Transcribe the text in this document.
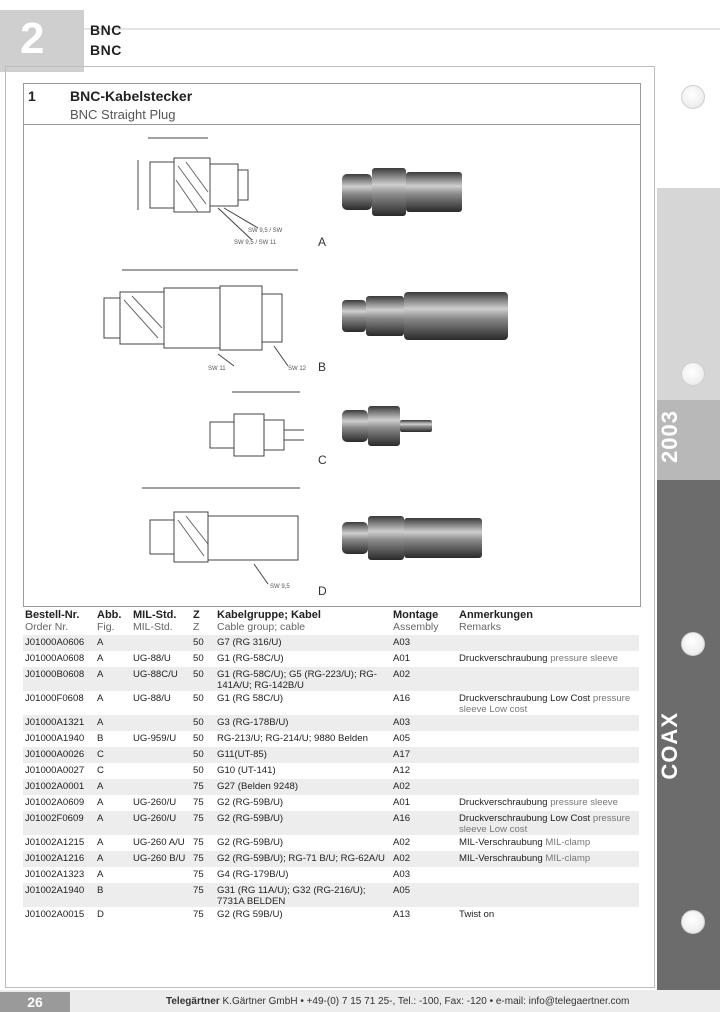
2	BNC
BNC
1 BNC-Kabelstecker
BNC Straight Plug
SW 9,5 / SW
SW 9,5 / SW 11	A
SW 11	SW 12 B
C
SW 9,5 D
2003
COAX
Bestell-Nr.	Abb.	MIL-Std.	Z	Kabelgruppe; Kabel	Montage	Anmerkungen
Order Nr.	Fig.	MIL-Std.	Z	Cable group; cable	Assembly	Remarks
J01000A0606	A		50	G7 (RG 316/U)	A03	
J01000A0608	A	UG-88/U	50	G1 (RG-58C/U)	A01	Druckverschraubung pressure sleeve
J01000B0608	A	UG-88C/U	50	G1 (RG-58C/U); G5 (RG-223/U); RG-141A/U; RG-142B/U	A02	
J01000F0608	A	UG-88/U	50	G1 (RG 58C/U)	A16	Druckverschraubung Low Cost pressure sleeve Low cost
J01000A1321	A		50	G3 (RG-178B/U)	A03	
J01000A1940	B	UG-959/U	50	RG-213/U; RG-214/U; 9880 Belden	A05	
J01000A0026	C		50	G11(UT-85)	A17	
J01000A0027	C		50	G10 (UT-141)	A12	
J01002A0001	A		75	G27 (Belden 9248)	A02	
J01002A0609	A	UG-260/U	75	G2 (RG-59B/U)	A01	Druckverschraubung pressure sleeve
J01002F0609	A	UG-260/U	75	G2 (RG-59B/U)	A16	Druckverschraubung Low Cost pressure sleeve Low cost
J01002A1215	A	UG-260 A/U	75	G2 (RG-59B/U)	A02	MIL-Verschraubung MIL-clamp
J01002A1216	A	UG-260 B/U	75	G2 (RG-59B/U); RG-71 B/U; RG-62A/U	A02	MIL-Verschraubung MIL-clamp
J01002A1323	A		75	G4 (RG-179B/U)	A03	
J01002A1940	B		75	G31 (RG 11A/U); G32 (RG-216/U); 7731A BELDEN	A05	
J01002A0015	D		75	G2 (RG 59B/U)	A13	Twist on
26	Telegärtner K.Gärtner GmbH • +49-(0) 7 15 71 25-, Tel.: -100, Fax: -120 • e-mail: info@telegaertner.com
